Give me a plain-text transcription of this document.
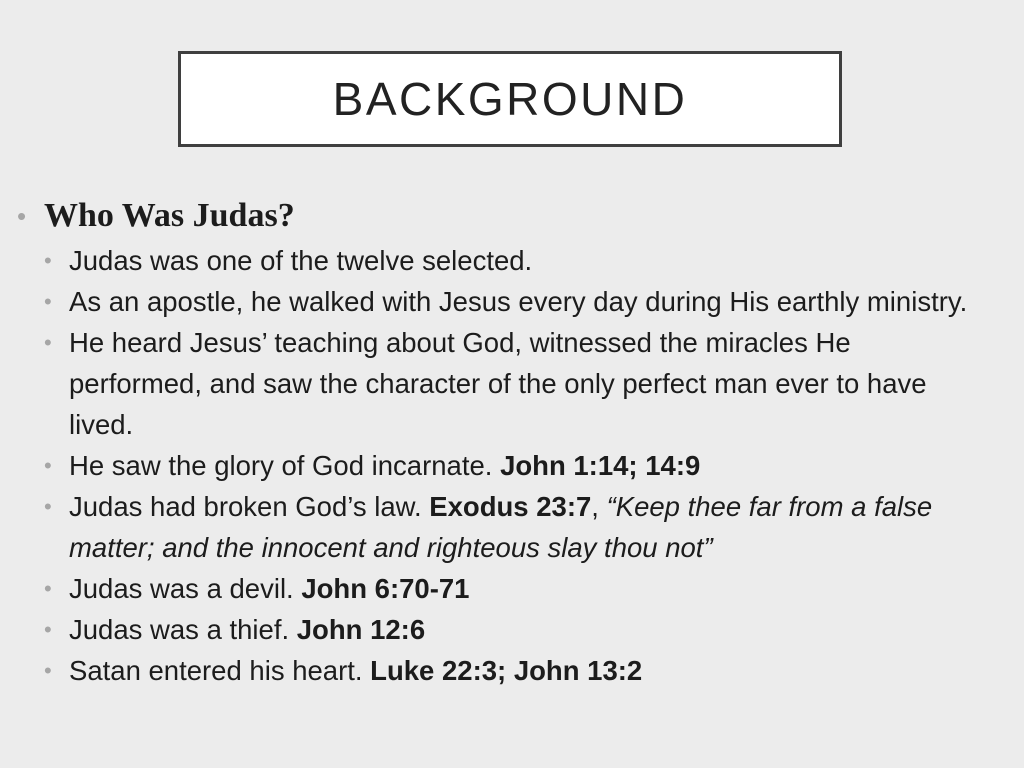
BACKGROUND
• Who Was Judas?
• Judas was one of the twelve selected.
• As an apostle, he walked with Jesus every day during His earthly ministry.
• He heard Jesus’ teaching about God, witnessed the miracles He performed, and saw the character of the only perfect man ever to have lived.
• He saw the glory of God incarnate. John 1:14; 14:9
• Judas had broken God’s law. Exodus 23:7, “Keep thee far from a false matter; and the innocent and righteous slay thou not”
• Judas was a devil. John 6:70-71
• Judas was a thief. John 12:6
• Satan entered his heart. Luke 22:3; John 13:2
